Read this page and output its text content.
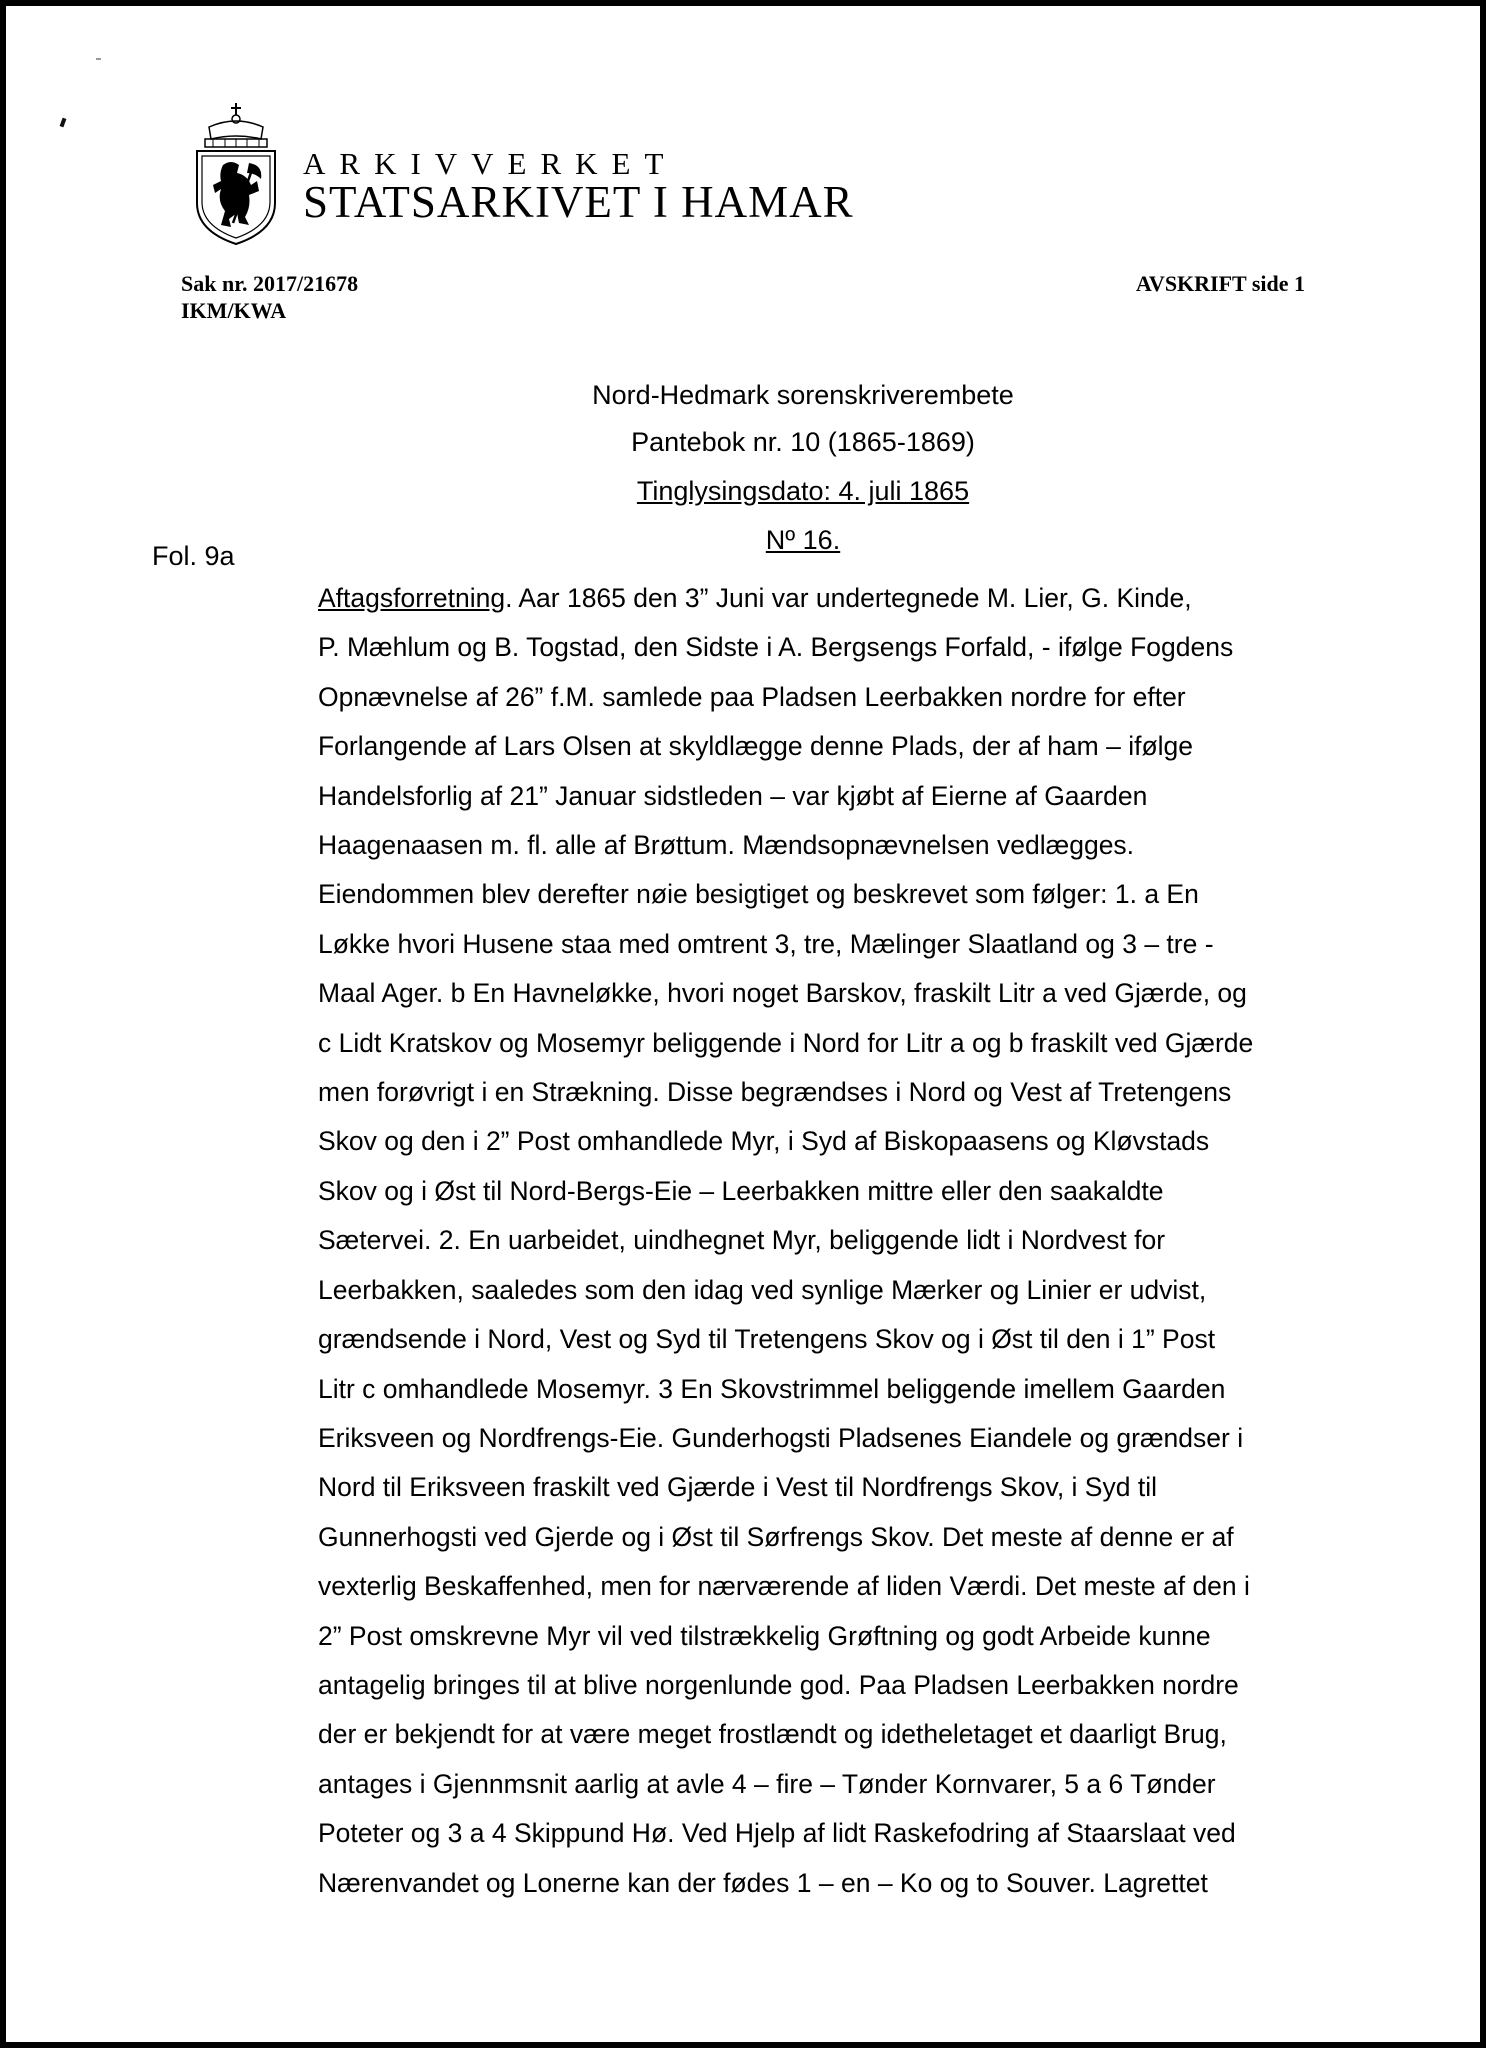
ARKIVVERKET
STATSARKIVET I HAMAR
Sak nr. 2017/21678
IKM/KWA
AVSKRIFT side 1
Nord-Hedmark sorenskriverembete
Pantebok nr. 10 (1865-1869)
Tinglysingsdato: 4. juli 1865
Nº 16.
Fol. 9a
Aftagsforretning. Aar 1865 den 3” Juni var undertegnede M. Lier, G. Kinde,
P. Mæhlum og B. Togstad, den Sidste i A. Bergsengs Forfald, - ifølge Fogdens
Opnævnelse af 26” f.M. samlede paa Pladsen Leerbakken nordre for efter
Forlangende af Lars Olsen at skyldlægge denne Plads, der af ham – ifølge
Handelsforlig af 21” Januar sidstleden – var kjøbt af Eierne af Gaarden
Haagenaasen m. fl. alle af Brøttum. Mændsopnævnelsen vedlægges.
Eiendommen blev derefter nøie besigtiget og beskrevet som følger: 1. a En
Løkke hvori Husene staa med omtrent 3, tre, Mælinger Slaatland og 3 – tre -
Maal Ager. b En Havneløkke, hvori noget Barskov, fraskilt Litr a ved Gjærde, og
c Lidt Kratskov og Mosemyr beliggende i Nord for Litr a og b fraskilt ved Gjærde
men forøvrigt i en Strækning. Disse begrændses i Nord og Vest af Tretengens
Skov og den i 2” Post omhandlede Myr, i Syd af Biskopaasens og Kløvstads
Skov og i Øst til Nord-Bergs-Eie – Leerbakken mittre eller den saakaldte
Sætervei. 2. En uarbeidet, uindhegnet Myr, beliggende lidt i Nordvest for
Leerbakken, saaledes som den idag ved synlige Mærker og Linier er udvist,
grændsende i Nord, Vest og Syd til Tretengens Skov og i Øst til den i 1” Post
Litr c omhandlede Mosemyr. 3 En Skovstrimmel beliggende imellem Gaarden
Eriksveen og Nordfrengs-Eie. Gunderhogsti Pladsenes Eiandele og grændser i
Nord til Eriksveen fraskilt ved Gjærde i Vest til Nordfrengs Skov, i Syd til
Gunnerhogsti ved Gjerde og i Øst til Sørfrengs Skov. Det meste af denne er af
vexterlig Beskaffenhed, men for nærværende af liden Værdi. Det meste af den i
2” Post omskrevne Myr vil ved tilstrækkelig Grøftning og godt Arbeide kunne
antagelig bringes til at blive norgenlunde god. Paa Pladsen Leerbakken nordre
der er bekjendt for at være meget frostlændt og idetheletaget et daarligt Brug,
antages i Gjennmsnit aarlig at avle 4 – fire – Tønder Kornvarer, 5 a 6 Tønder
Poteter og 3 a 4 Skippund Hø. Ved Hjelp af lidt Raskefodring af Staarslaat ved
Nærenvandet og Lonerne kan der fødes 1 – en – Ko og to Souver. Lagrettet
